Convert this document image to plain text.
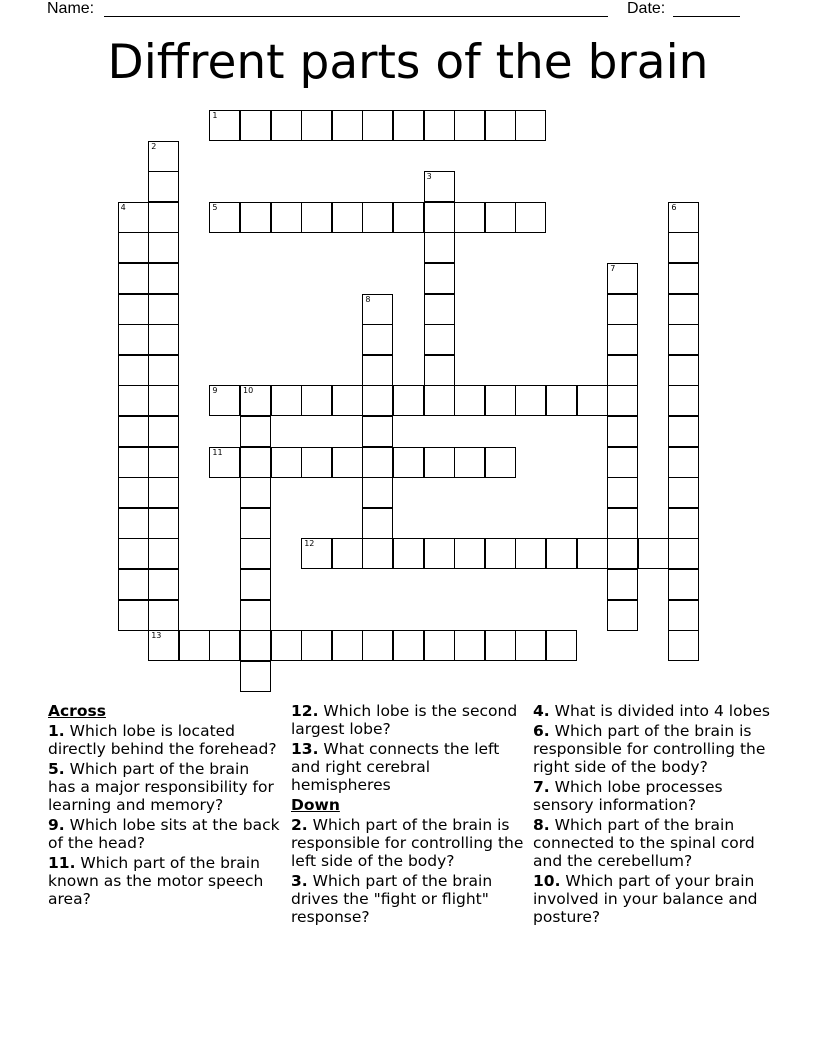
Name:	Date:
Diffrent parts of the brain
1
5
9	10
11
12
13
2
3
4	6
7
8
Across
1. Which lobe is located directly behind the forehead?
5. Which part of the brain has a major responsibility for learning and memory?
9. Which lobe sits at the back of the head?
11. Which part of the brain known as the motor speech area?
12. Which lobe is the second largest lobe?
13. What connects the left and right cerebral hemispheres
Down
2. Which part of the brain is responsible for controlling the left side of the body?
3. Which part of the brain drives the "fight or flight" response?
4. What is divided into 4 lobes
6. Which part of the brain is responsible for controlling the right side of the body?
7. Which lobe processes sensory information?
8. Which part of the brain connected to the spinal cord and the cerebellum?
10. Which part of your brain involved in your balance and posture?
